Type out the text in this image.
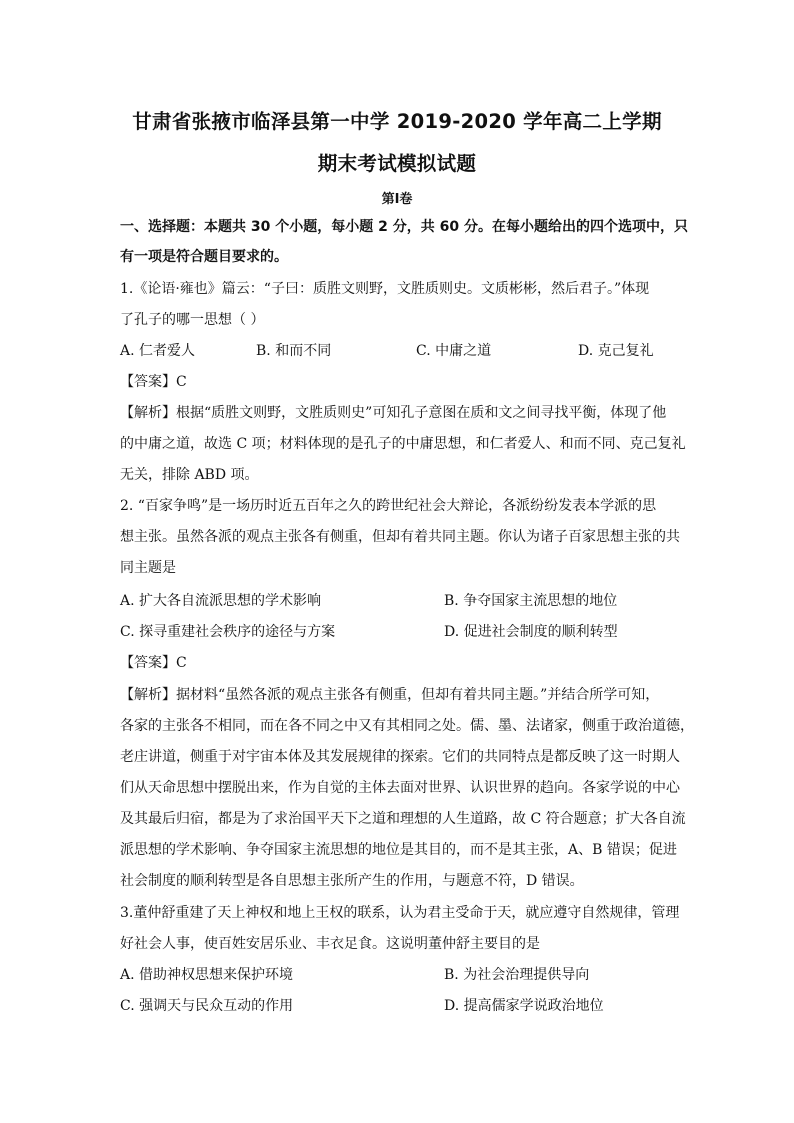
甘肃省张掖市临泽县第一中学 2019-2020 学年高二上学期
期末考试模拟试题
第Ⅰ卷
一、选择题：本题共 30 个小题，每小题 2 分，共 60 分。在每小题给出的四个选项中，只
有一项是符合题目要求的。
1.《论语·雍也》篇云：“子曰：质胜文则野，文胜质则史。文质彬彬，然后君子。”体现
了孔子的哪一思想（ ）
A. 仁者爱人	B. 和而不同	C. 中庸之道	D. 克己复礼
【答案】C
【解析】根据“质胜文则野，文胜质则史”可知孔子意图在质和文之间寻找平衡，体现了他
的中庸之道，故选 C 项；材料体现的是孔子的中庸思想，和仁者爱人、和而不同、克己复礼
无关，排除 ABD 项。
2. “百家争鸣”是一场历时近五百年之久的跨世纪社会大辩论，各派纷纷发表本学派的思
想主张。虽然各派的观点主张各有侧重，但却有着共同主题。你认为诸子百家思想主张的共
同主题是
A. 扩大各自流派思想的学术影响	B. 争夺国家主流思想的地位
C. 探寻重建社会秩序的途径与方案	D. 促进社会制度的顺利转型
【答案】C
【解析】据材料“虽然各派的观点主张各有侧重，但却有着共同主题。”并结合所学可知，
各家的主张各不相同，而在各不同之中又有其相同之处。儒、墨、法诸家，侧重于政治道德，
老庄讲道，侧重于对宇宙本体及其发展规律的探索。它们的共同特点是都反映了这一时期人
们从天命思想中摆脱出来，作为自觉的主体去面对世界、认识世界的趋向。各家学说的中心
及其最后归宿，都是为了求治国平天下之道和理想的人生道路，故 C 符合题意；扩大各自流
派思想的学术影响、争夺国家主流思想的地位是其目的，而不是其主张，A、B 错误；促进
社会制度的顺利转型是各自思想主张所产生的作用，与题意不符，D 错误。
3.董仲舒重建了天上神权和地上王权的联系，认为君主受命于天，就应遵守自然规律，管理
好社会人事，使百姓安居乐业、丰衣足食。这说明董仲舒主要目的是
A. 借助神权思想来保护环境	B. 为社会治理提供导向
C. 强调天与民众互动的作用	D. 提高儒家学说政治地位
